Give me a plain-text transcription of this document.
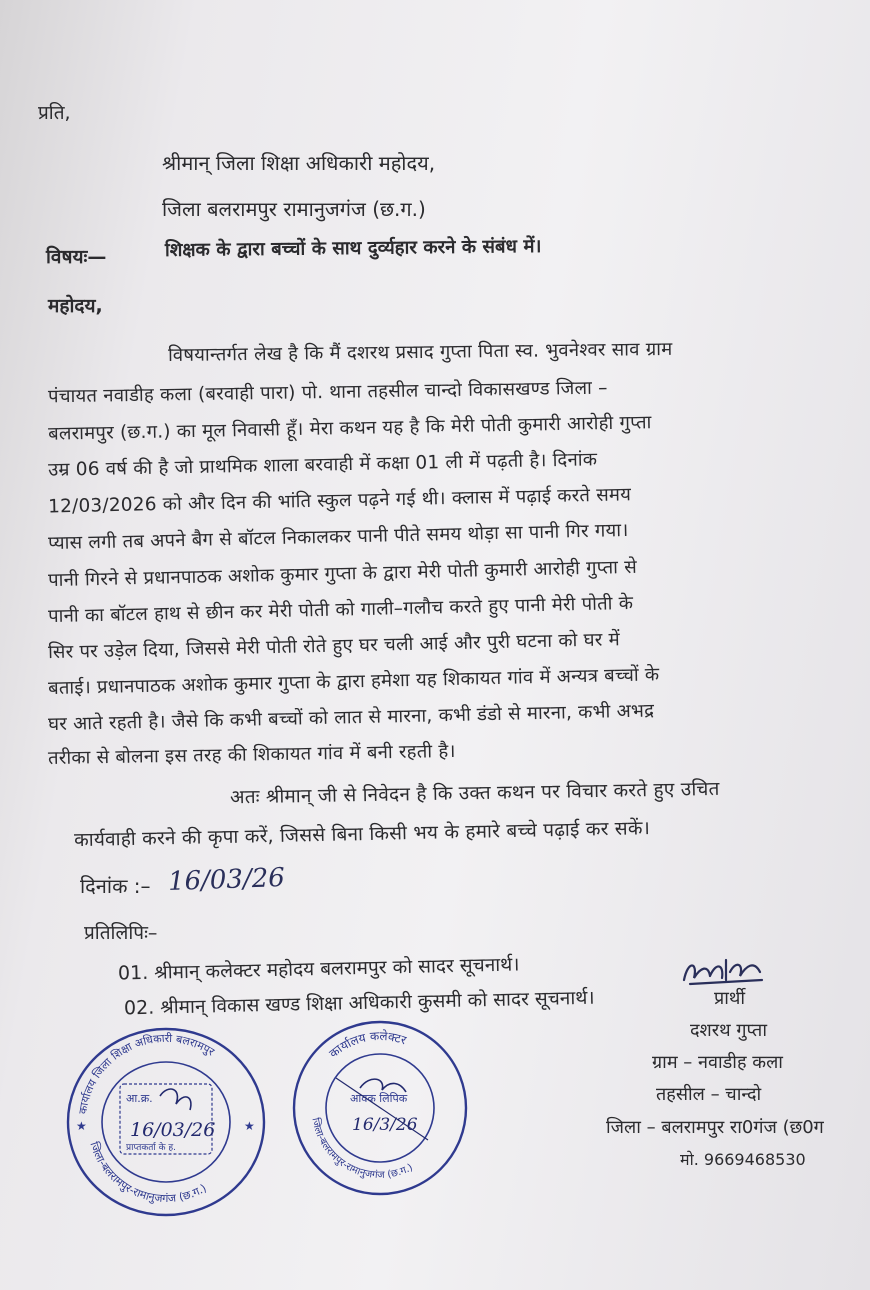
प्रति,
श्रीमान् जिला शिक्षा अधिकारी महोदय,
जिला बलरामपुर रामानुजगंज (छ.ग.)
विषयः—	शिक्षक के द्वारा बच्चों के साथ दुर्व्यहार करने के संबंध में।
महोदय,
विषयान्तर्गत लेख है कि मैं दशरथ प्रसाद गुप्ता पिता स्व. भुवनेश्वर साव ग्राम
पंचायत नवाडीह कला (बरवाही पारा) पो. थाना तहसील चान्दो विकासखण्ड जिला –
बलरामपुर (छ.ग.) का मूल निवासी हूँ। मेरा कथन यह है कि मेरी पोती कुमारी आरोही गुप्ता
उम्र 06 वर्ष की है जो प्राथमिक शाला बरवाही में कक्षा 01 ली में पढ़ती है। दिनांक
12/03/2026 को और दिन की भांति स्कुल पढ़ने गई थी। क्लास में पढ़ाई करते समय
प्यास लगी तब अपने बैग से बॉटल निकालकर पानी पीते समय थोड़ा सा पानी गिर गया।
पानी गिरने से प्रधानपाठक अशोक कुमार गुप्ता के द्वारा मेरी पोती कुमारी आरोही गुप्ता से
पानी का बॉटल हाथ से छीन कर मेरी पोती को गाली–गलौच करते हुए पानी मेरी पोती के
सिर पर उड़ेल दिया, जिससे मेरी पोती रोते हुए घर चली आई और पुरी घटना को घर में
बताई। प्रधानपाठक अशोक कुमार गुप्ता के द्वारा हमेशा यह शिकायत गांव में अन्यत्र बच्चों के
घर आते रहती है। जैसे कि कभी बच्चों को लात से मारना, कभी डंडो से मारना, कभी अभद्र
तरीका से बोलना इस तरह की शिकायत गांव में बनी रहती है।
अतः श्रीमान् जी से निवेदन है कि उक्त कथन पर विचार करते हुए उचित
कार्यवाही करने की कृपा करें, जिससे बिना किसी भय के हमारे बच्चे पढ़ाई कर सकें।
दिनांक :– 16/03/26
प्रतिलिपिः–
01. श्रीमान् कलेक्टर महोदय बलरामपुर को सादर सूचनार्थ।
02. श्रीमान् विकास खण्ड शिक्षा अधिकारी कुसमी को सादर सूचनार्थ।	प्रार्थी
दशरथ गुप्ता
ग्राम – नवाडीह कला
तहसील – चान्दो
जिला – बलरामपुर रा0गंज (छ0ग
मो. 9669468530
कार्यालय जिला शिक्षा अधिकारी बलरामपुर
जिला-बलरामपुर-रामानुजगंज (छ.ग.)
आ.क्र.
16/03/26
प्राप्तकर्ता के ह.
★
★
कार्यालय कलेक्टर
जिला-बलरामपुर-रामानुजगंज (छ.ग.)
आवक लिपिक
16/3/26
